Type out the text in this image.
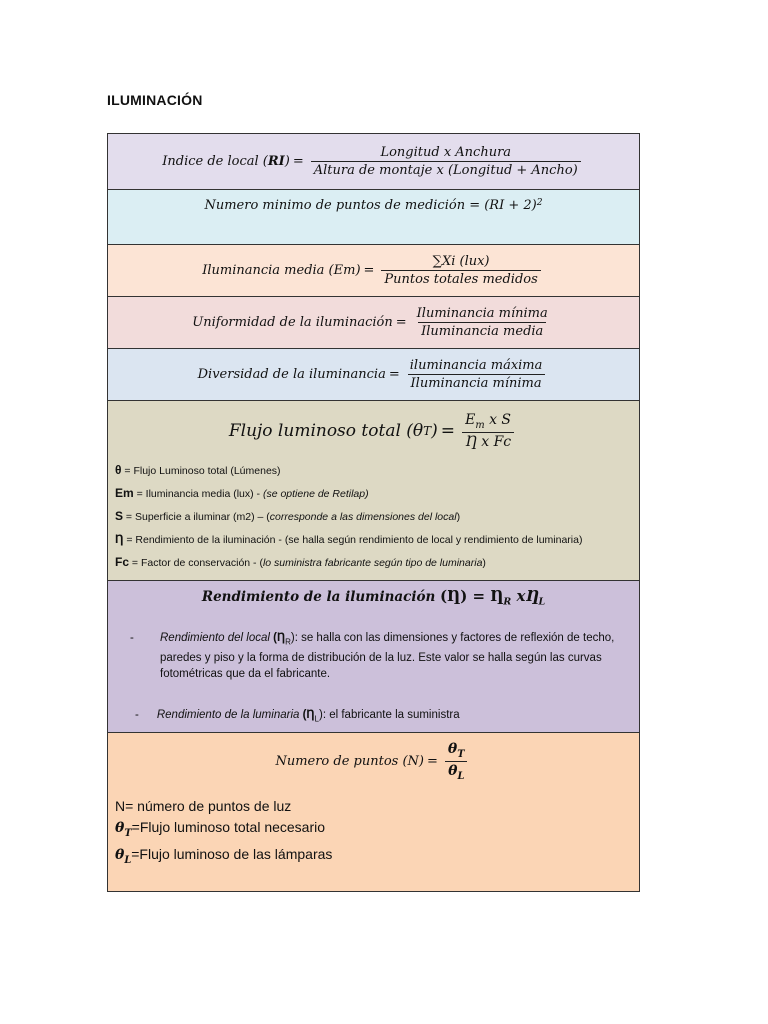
ILUMINACIÓN
Indice de local ( RI ) = $\frac{\text{Longitud x Anchura}}{\text{Altura de montaje x (Longitud + Ancho)}}$
Numero minimo de puntos de medición = (RI + 2) 2
Iluminancia media $(Em) = \frac{\text{∑Xi (lux)}}{\text{Puntos totales medidos}}$
Uniformidad de la iluminación = $\frac{\text{Iluminancia mínima}}{\text{Iluminancia media}}$
Diversidad de la iluminancia = $\frac{\text{iluminancia máxima}}{\text{Iluminancia mínima}}$
Flujo luminoso total (θ T ) = $\frac{E_m x S}{\text{Ƞ x Fc}}$
θ = Flujo Luminoso total (Lúmenes)
Em = Iluminancia media (lux) - (se optiene de Retilap)
S = Superficie a iluminar (m2) – (corresponde a las dimensiones del local)
Ƞ = Rendimiento de la iluminación - (se halla según rendimiento de local y rendimiento de luminaria)
Fc = Factor de conservación - (lo suministra fabricante según tipo de luminaria)
Rendimiento de la iluminación (Ƞ) = $Ƞ_R$ $xȠ_L$
- Rendimiento del local $(Ƞ_R)$: se halla con las dimensiones y factores de reflexión de techo, paredes y piso y la forma de distribución de la luz. Este valor se halla según las curvas fotométricas que da el fabricante.
- Rendimiento de la luminaria $(Ƞ_L)$: el fabricante la suministra
Numero de puntos $(N) = \frac{\theta_T}{\theta_L}$
N= número de puntos de luz
$\theta_T=Flujo$ luminoso total necesario
$\theta_L=Flujo$ luminoso de las lámparas
